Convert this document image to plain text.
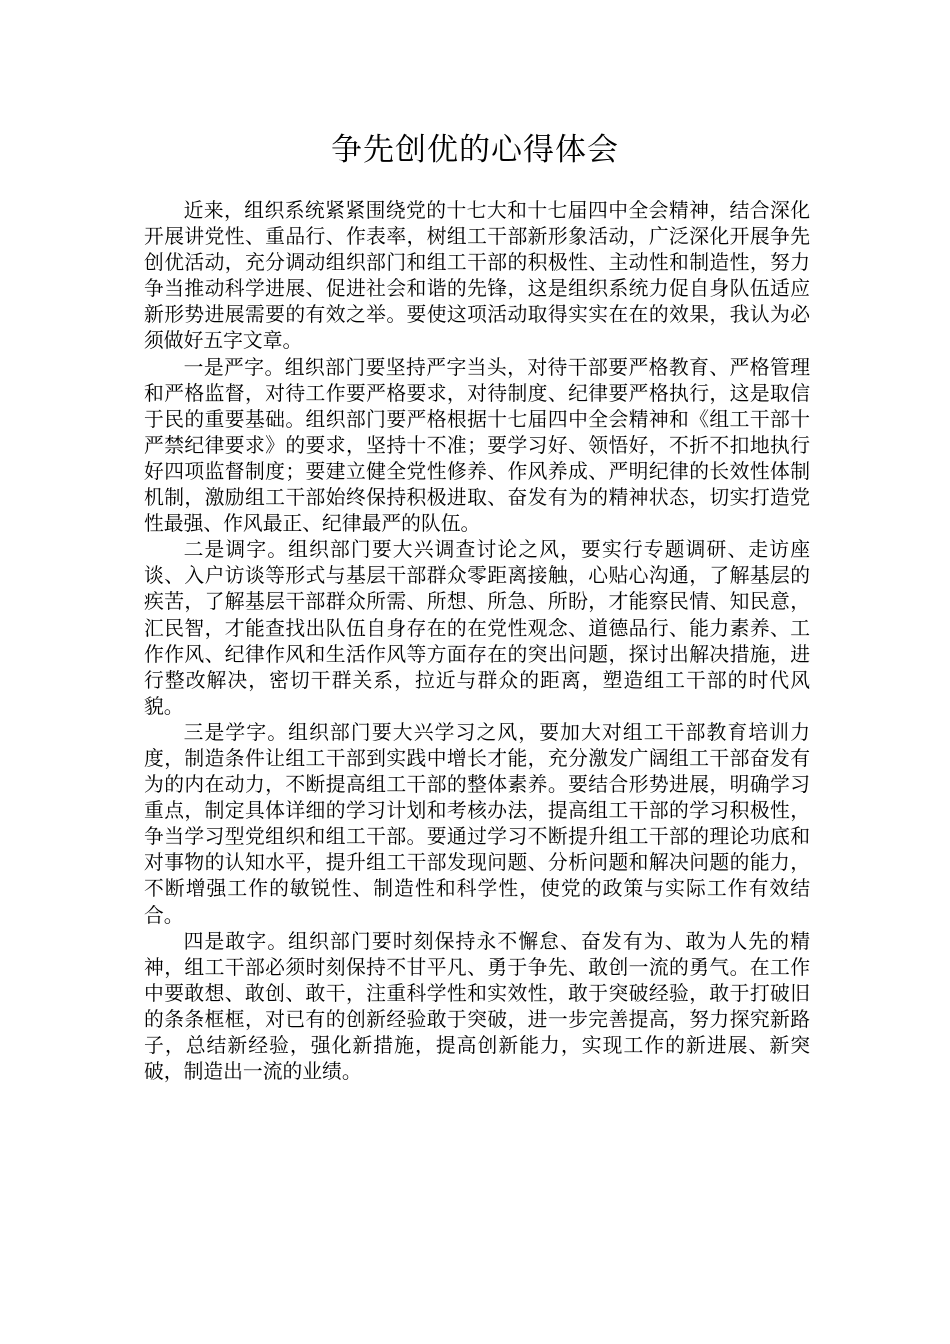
争先创优的心得体会

近来，组织系统紧紧围绕党的十七大和十七届四中全会精神，结合深化开展讲党性、重品行、作表率，树组工干部新形象活动，广泛深化开展争先创优活动，充分调动组织部门和组工干部的积极性、主动性和制造性，努力争当推动科学进展、促进社会和谐的先锋，这是组织系统力促自身队伍适应新形势进展需要的有效之举。要使这项活动取得实实在在的效果，我认为必须做好五字文章。

一是严字。组织部门要坚持严字当头，对待干部要严格教育、严格管理和严格监督，对待工作要严格要求，对待制度、纪律要严格执行，这是取信于民的重要基础。组织部门要严格根据十七届四中全会精神和《组工干部十严禁纪律要求》的要求，坚持十不准；要学习好、领悟好，不折不扣地执行好四项监督制度；要建立健全党性修养、作风养成、严明纪律的长效性体制机制，激励组工干部始终保持积极进取、奋发有为的精神状态，切实打造党性最强、作风最正、纪律最严的队伍。

二是调字。组织部门要大兴调查讨论之风，要实行专题调研、走访座谈、入户访谈等形式与基层干部群众零距离接触，心贴心沟通，了解基层的疾苦，了解基层干部群众所需、所想、所急、所盼，才能察民情、知民意，汇民智，才能查找出队伍自身存在的在党性观念、道德品行、能力素养、工作作风、纪律作风和生活作风等方面存在的突出问题，探讨出解决措施，进行整改解决，密切干群关系，拉近与群众的距离，塑造组工干部的时代风貌。

三是学字。组织部门要大兴学习之风，要加大对组工干部教育培训力度，制造条件让组工干部到实践中增长才能，充分激发广阔组工干部奋发有为的内在动力，不断提高组工干部的整体素养。要结合形势进展，明确学习重点，制定具体详细的学习计划和考核办法，提高组工干部的学习积极性，争当学习型党组织和组工干部。要通过学习不断提升组工干部的理论功底和对事物的认知水平，提升组工干部发现问题、分析问题和解决问题的能力，不断增强工作的敏锐性、制造性和科学性，使党的政策与实际工作有效结合。

四是敢字。组织部门要时刻保持永不懈怠、奋发有为、敢为人先的精神，组工干部必须时刻保持不甘平凡、勇于争先、敢创一流的勇气。在工作中要敢想、敢创、敢干，注重科学性和实效性，敢于突破经验，敢于打破旧的条条框框，对已有的创新经验敢于突破，进一步完善提高，努力探究新路子，总结新经验，强化新措施，提高创新能力，实现工作的新进展、新突破，制造出一流的业绩。
